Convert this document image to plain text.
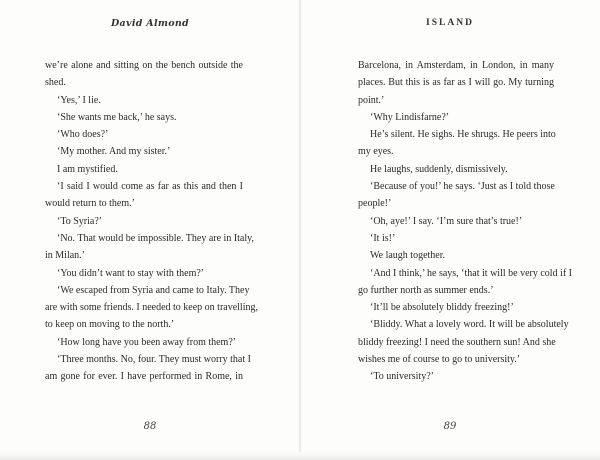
David Almond
we’re alone and sitting on the bench outside the
shed.
‘Yes,’ I lie.
‘She wants me back,’ he says.
‘Who does?’
‘My mother. And my sister.’
I am mystified.
‘I said I would come as far as this and then I
would return to them.’
‘To Syria?’
‘No. That would be impossible. They are in Italy,
in Milan.’
‘You didn’t want to stay with them?’
‘We escaped from Syria and came to Italy. They
are with some friends. I needed to keep on travelling,
to keep on moving to the north.’
‘How long have you been away from them?’
‘Three months. No, four. They must worry that I
am gone for ever. I have performed in Rome, in
88
ISLAND
Barcelona, in Amsterdam, in London, in many
places. But this is as far as I will go. My turning
point.’
‘Why Lindisfarne?’
He’s silent. He sighs. He shrugs. He peers into
my eyes.
He laughs, suddenly, dismissively.
‘Because of you!’ he says. ‘Just as I told those
people!’
‘Oh, aye!’ I say. ‘I’m sure that’s true!’
‘It is!’
We laugh together.
‘And I think,’ he says, ‘that it will be very cold if I
go further north as summer ends.’
‘It’ll be absolutely bliddy freezing!’
‘Bliddy. What a lovely word. It will be absolutely
bliddy freezing! I need the southern sun! And she
wishes me of course to go to university.’
‘To university?’
89
